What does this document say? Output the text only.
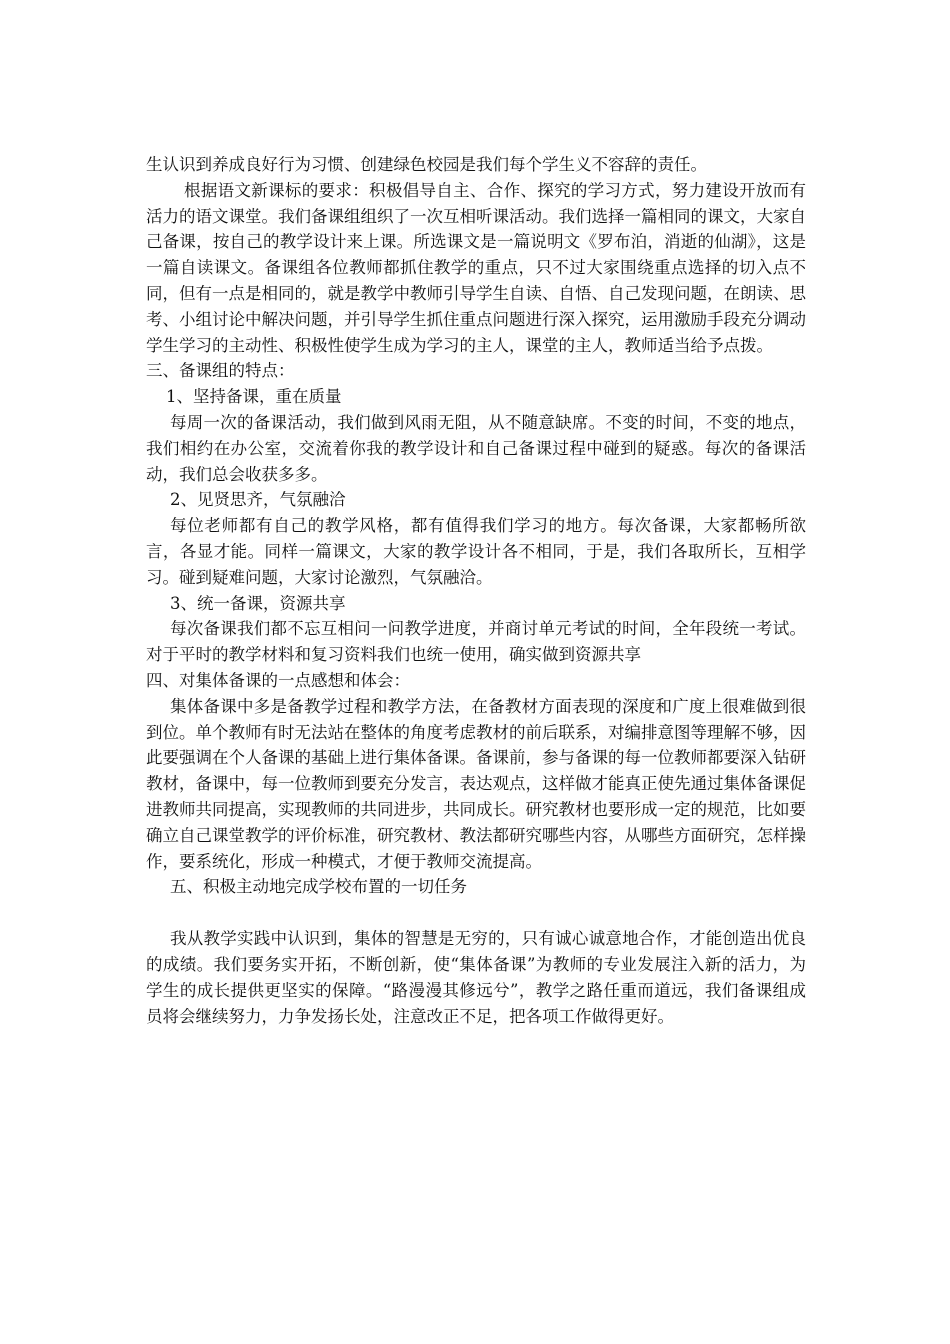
生认识到养成良好行为习惯、创建绿色校园是我们每个学生义不容辞的责任。

根据语文新课标的要求：积极倡导自主、合作、探究的学习方式，努力建设开放而有活力的语文课堂。我们备课组组织了一次互相听课活动。我们选择一篇相同的课文，大家自己备课，按自己的教学设计来上课。所选课文是一篇说明文《罗布泊，消逝的仙湖》，这是一篇自读课文。备课组各位教师都抓住教学的重点，只不过大家围绕重点选择的切入点不同，但有一点是相同的，就是教学中教师引导学生自读、自悟、自己发现问题，在朗读、思考、小组讨论中解决问题，并引导学生抓住重点问题进行深入探究，运用激励手段充分调动学生学习的主动性、积极性使学生成为学习的主人，课堂的主人，教师适当给予点拨。

三、备课组的特点：

1、坚持备课，重在质量

每周一次的备课活动，我们做到风雨无阻，从不随意缺席。不变的时间，不变的地点，我们相约在办公室，交流着你我的教学设计和自己备课过程中碰到的疑惑。每次的备课活动，我们总会收获多多。

2、见贤思齐，气氛融洽

每位老师都有自己的教学风格，都有值得我们学习的地方。每次备课，大家都畅所欲言，各显才能。同样一篇课文，大家的教学设计各不相同，于是，我们各取所长，互相学习。碰到疑难问题，大家讨论激烈，气氛融洽。

3、统一备课，资源共享

每次备课我们都不忘互相问一问教学进度，并商讨单元考试的时间，全年段统一考试。对于平时的教学材料和复习资料我们也统一使用，确实做到资源共享

四、对集体备课的一点感想和体会：

集体备课中多是备教学过程和教学方法，在备教材方面表现的深度和广度上很难做到很到位。单个教师有时无法站在整体的角度考虑教材的前后联系，对编排意图等理解不够，因此要强调在个人备课的基础上进行集体备课。备课前，参与备课的每一位教师都要深入钻研教材，备课中，每一位教师到要充分发言，表达观点，这样做才能真正使先通过集体备课促进教师共同提高，实现教师的共同进步，共同成长。研究教材也要形成一定的规范，比如要确立自己课堂教学的评价标准，研究教材、教法都研究哪些内容，从哪些方面研究，怎样操作，要系统化，形成一种模式，才便于教师交流提高。

五、积极主动地完成学校布置的一切任务

我从教学实践中认识到，集体的智慧是无穷的，只有诚心诚意地合作，才能创造出优良的成绩。我们要务实开拓，不断创新，使“集体备课”为教师的专业发展注入新的活力，为学生的成长提供更坚实的保障。“路漫漫其修远兮”，教学之路任重而道远，我们备课组成员将会继续努力，力争发扬长处，注意改正不足，把各项工作做得更好。
